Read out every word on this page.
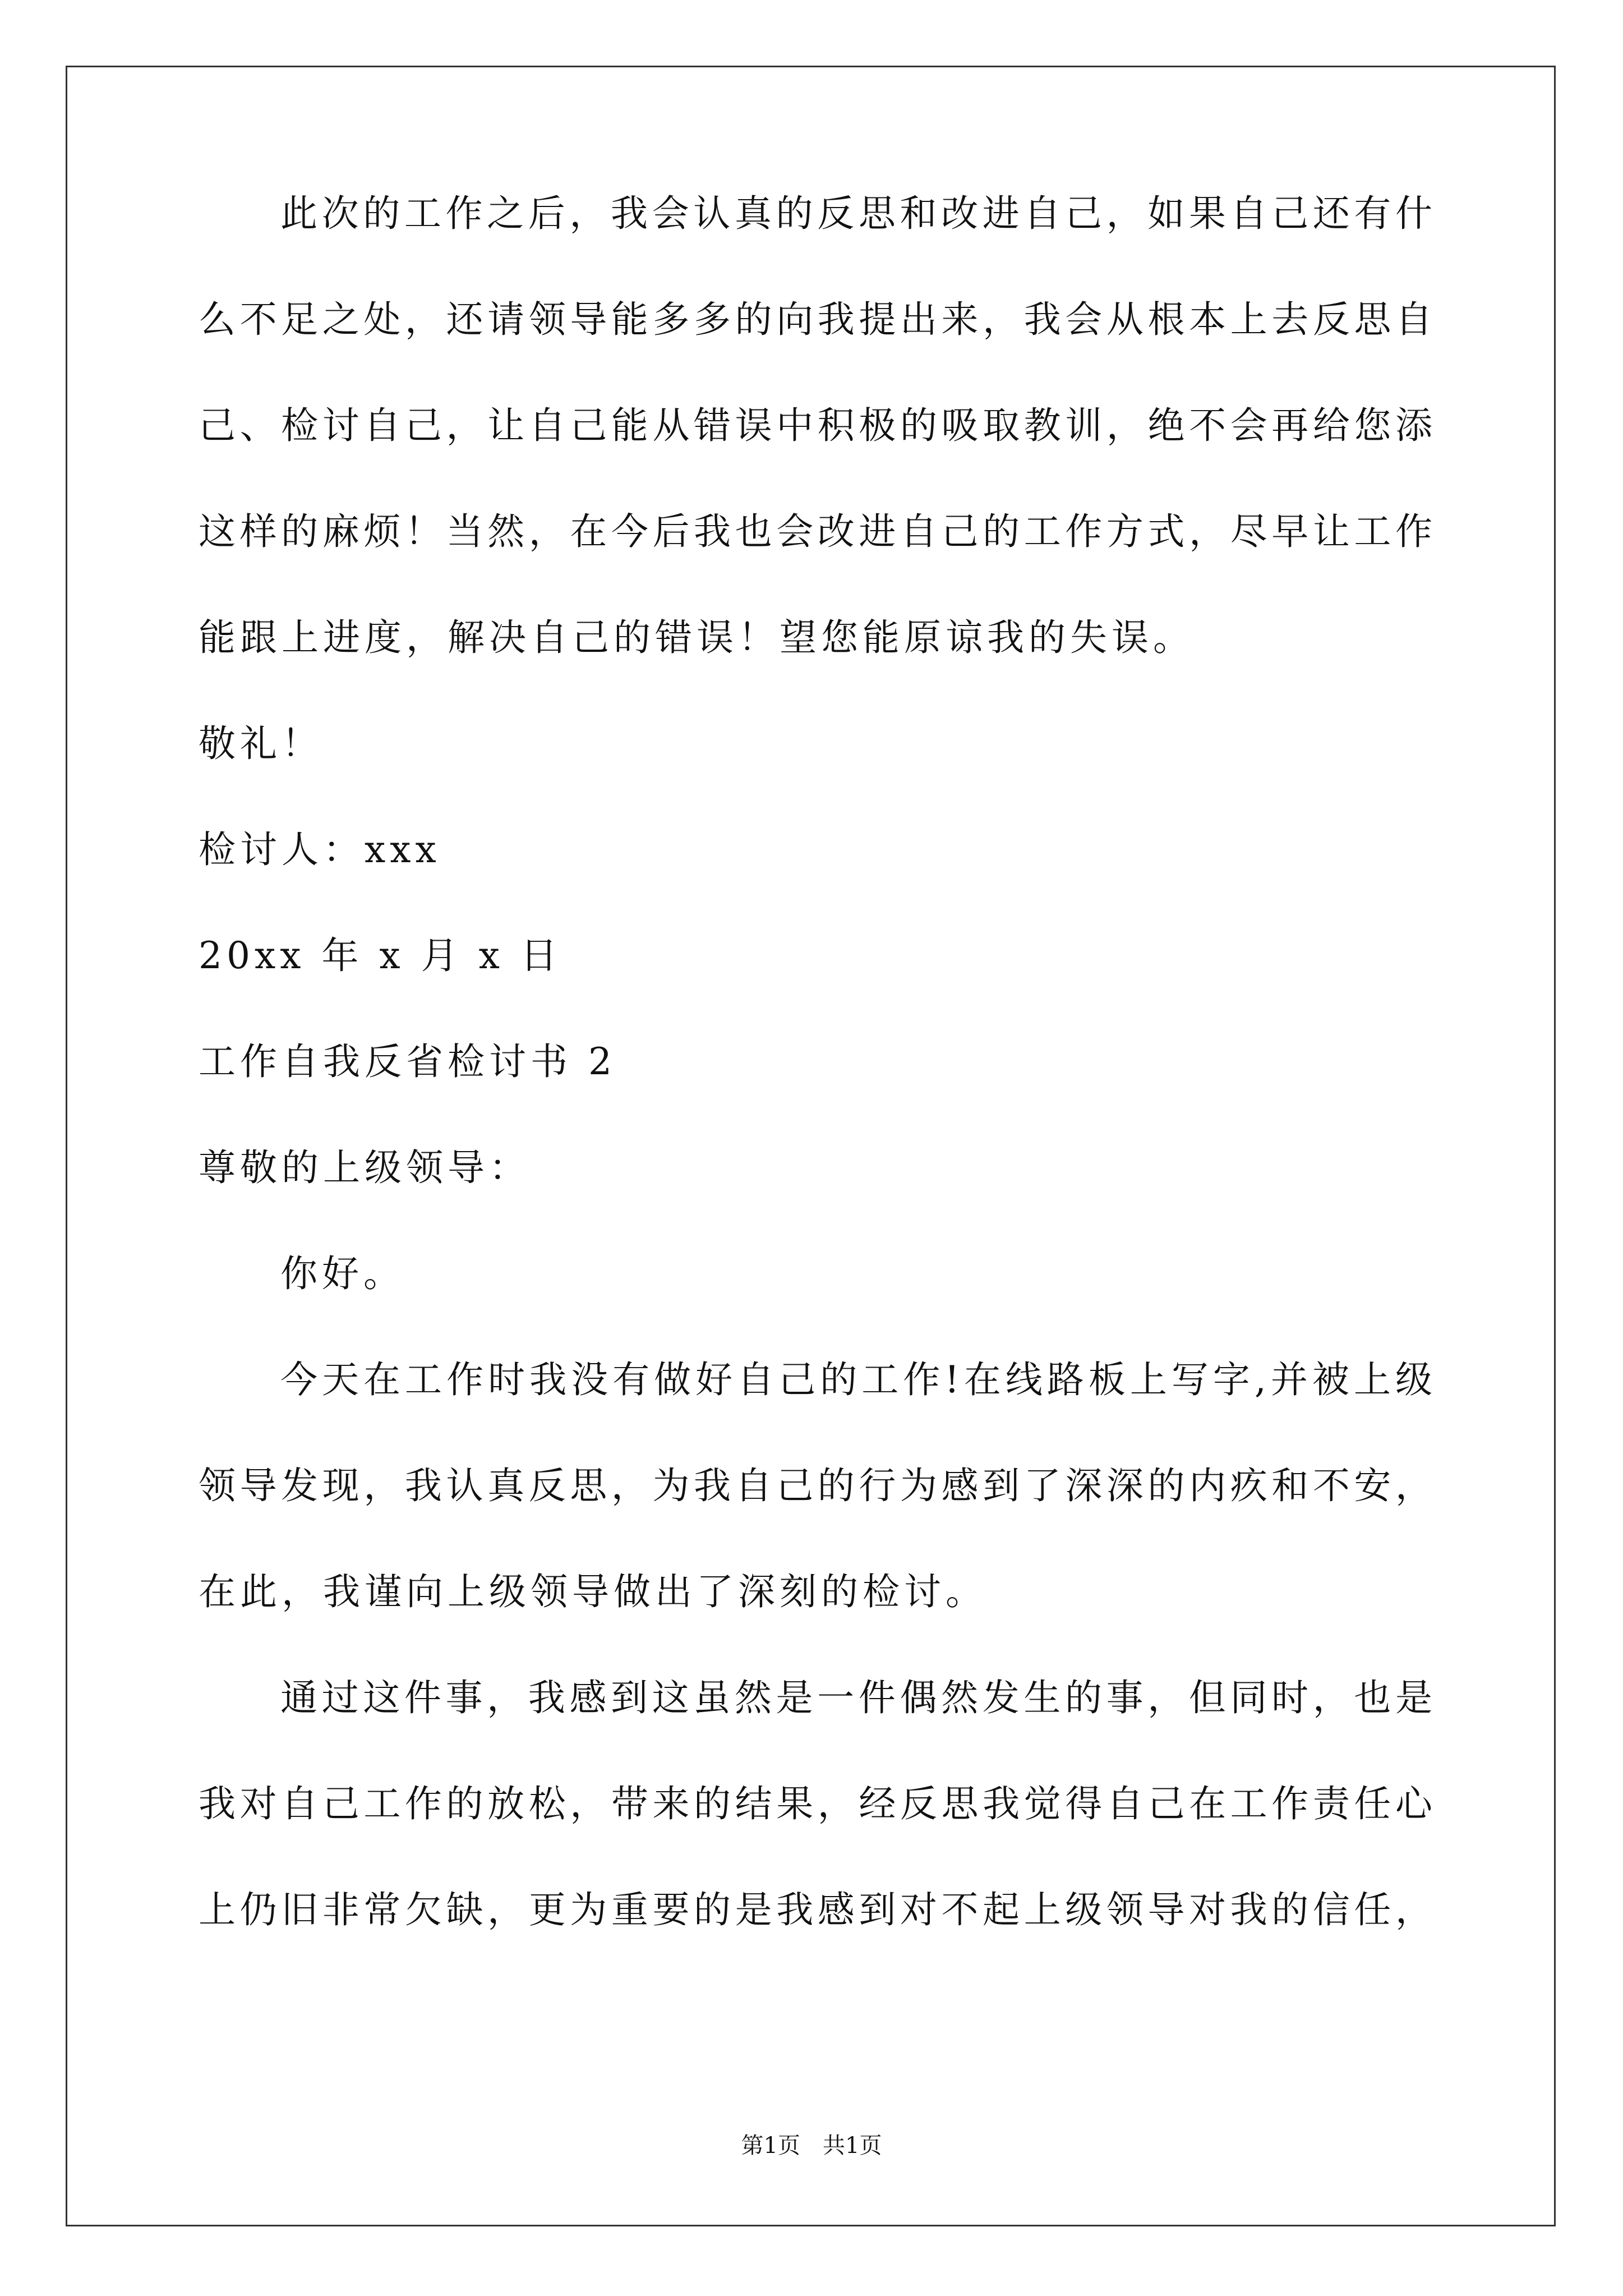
此次的工作之后，我会认真的反思和改进自己，如果自己还有什
么不足之处，还请领导能多多的向我提出来，我会从根本上去反思自
己、检讨自己，让自己能从错误中积极的吸取教训，绝不会再给您添
这样的麻烦！当然，在今后我也会改进自己的工作方式，尽早让工作
能跟上进度，解决自己的错误！望您能原谅我的失误。
敬礼！
检讨人：xxx
20xx 年 x 月 x 日
工作自我反省检讨书 2
尊敬的上级领导：
你好。
今天在工作时我没有做好自己的工作!在线路板上写字,并被上级
领导发现，我认真反思，为我自己的行为感到了深深的内疚和不安，
在此，我谨向上级领导做出了深刻的检讨。
通过这件事，我感到这虽然是一件偶然发生的事，但同时，也是
我对自己工作的放松，带来的结果，经反思我觉得自己在工作责任心
上仍旧非常欠缺，更为重要的是我感到对不起上级领导对我的信任，
第1页　共1页
